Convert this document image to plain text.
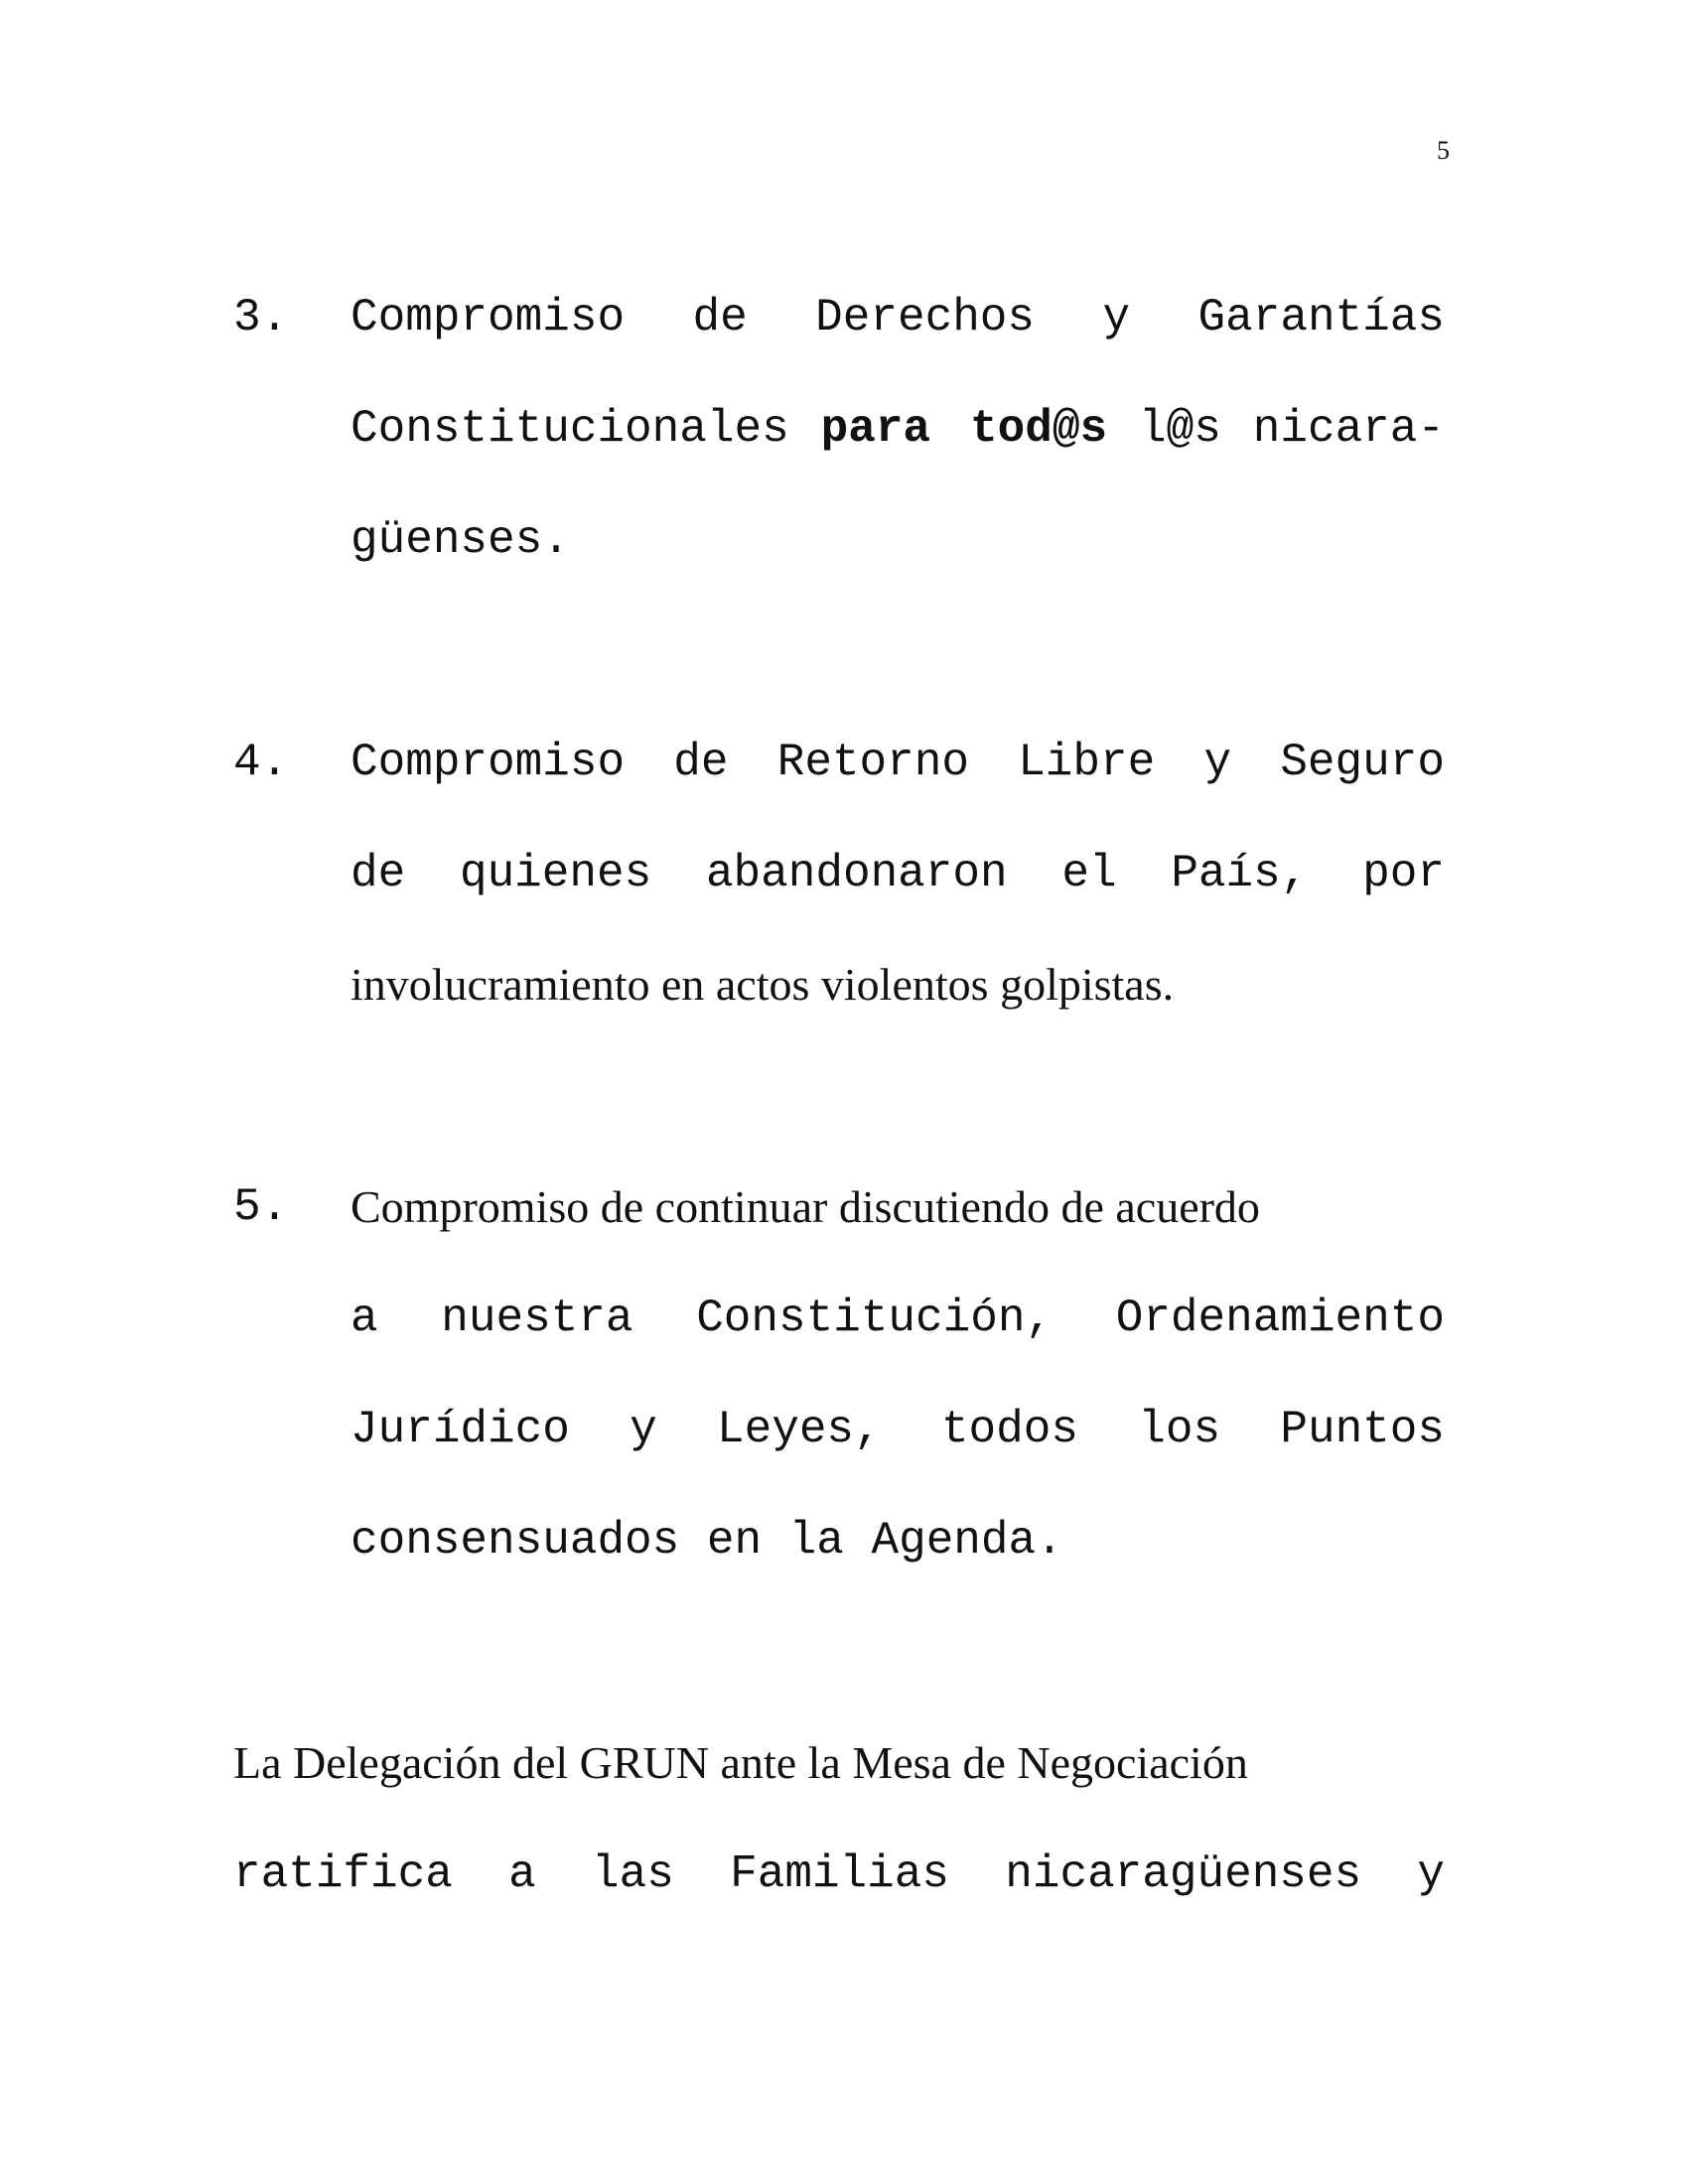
5
3. Compromiso de Derechos y Garantías
Constitucionales para tod@s l@s nicara-
güenses.
4. Compromiso de Retorno Libre y Seguro
de quienes abandonaron el País, por
involucramiento en actos violentos golpistas.
5. Compromiso de continuar discutiendo de acuerdo
a nuestra Constitución, Ordenamiento
Jurídico y Leyes, todos los Puntos
consensuados en la Agenda.
La Delegación del GRUN ante la Mesa de Negociación
ratifica a las Familias nicaragüenses y
